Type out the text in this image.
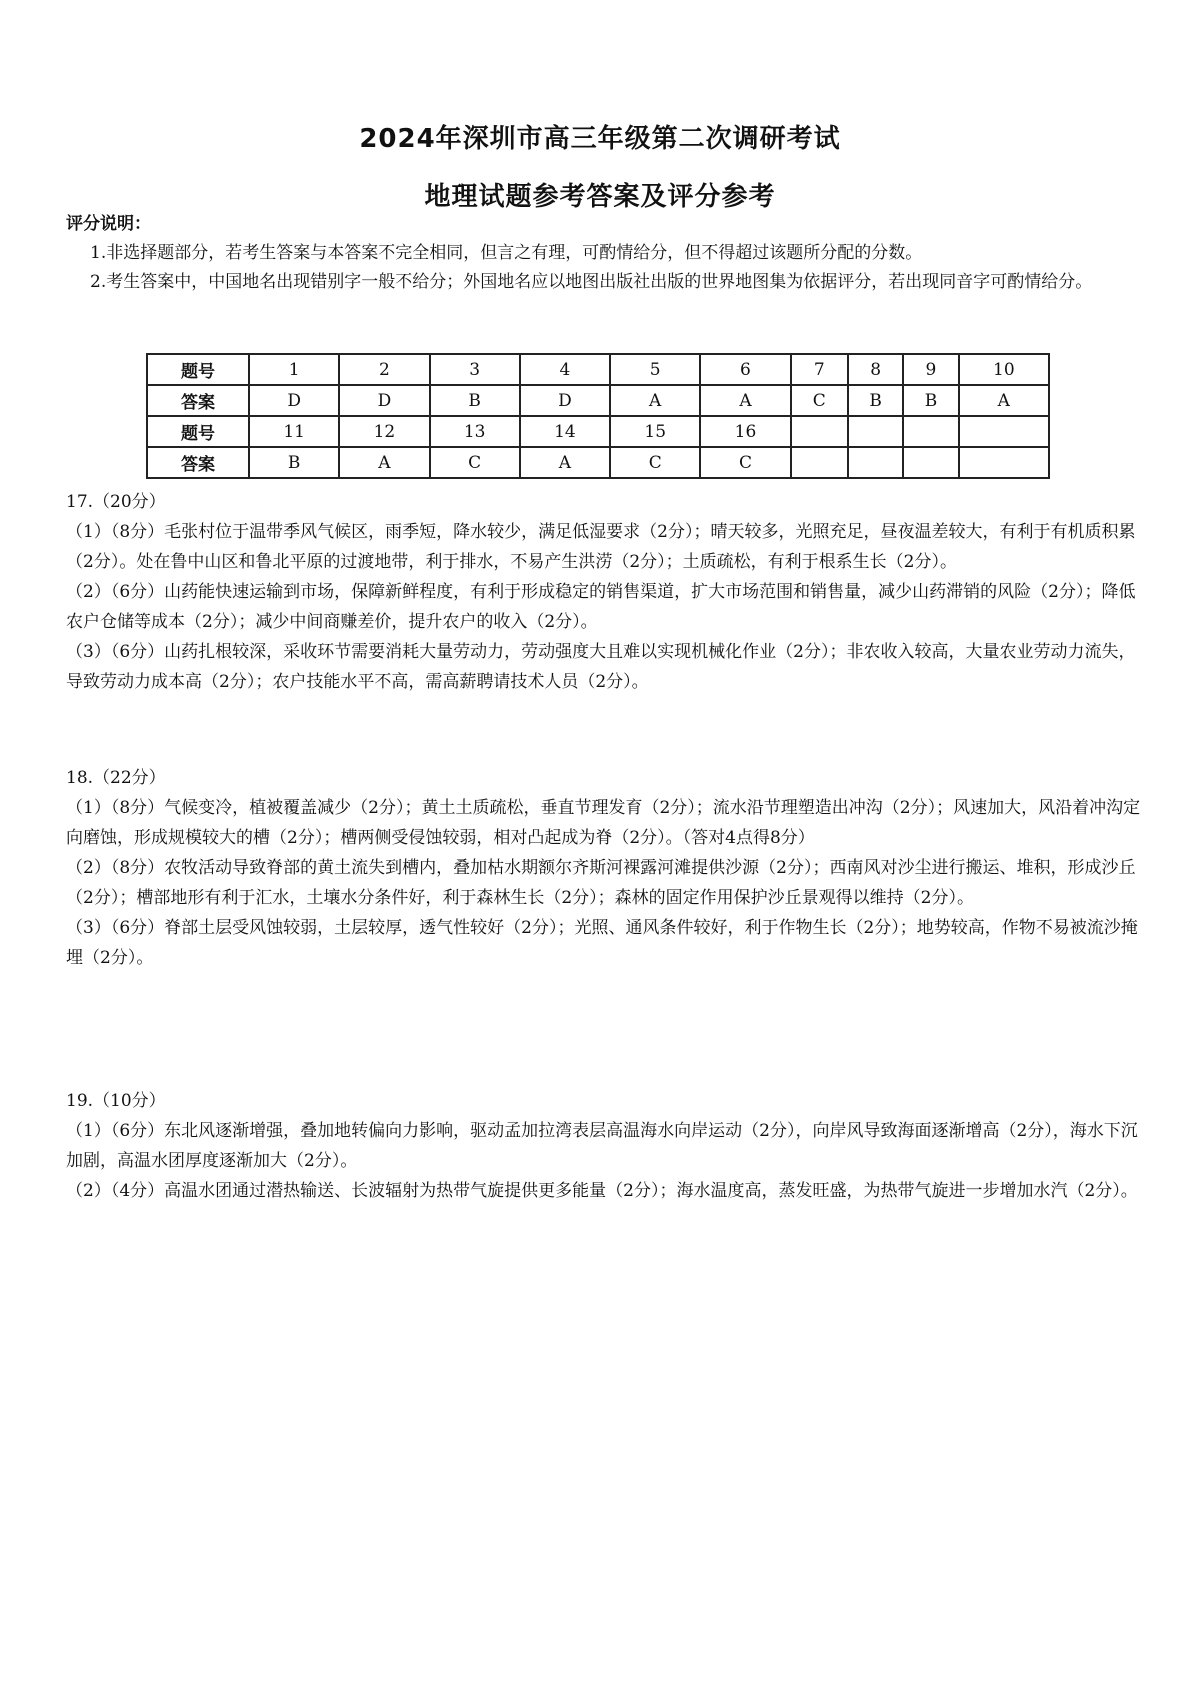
2024年深圳市高三年级第二次调研考试
地理试题参考答案及评分参考
评分说明：
1.非选择题部分，若考生答案与本答案不完全相同，但言之有理，可酌情给分，但不得超过该题所分配的分数。
2.考生答案中，中国地名出现错别字一般不给分；外国地名应以地图出版社出版的世界地图集为依据评分，若出现同音字可酌情给分。
题号	1	2	3	4	5	6	7	8	9	10
答案	D	D	B	D	A	A	C	B	B	A
题号	11	12	13	14	15	16				
答案	B	A	C	A	C	C				

17.（20分）

（1）（8分）毛张村位于温带季风气候区，雨季短，降水较少，满足低湿要求（2分）；晴天较多，光照充足，昼夜温差较大，有利于有机质积累（2分）。处在鲁中山区和鲁北平原的过渡地带，利于排水，不易产生洪涝（2分）；土质疏松，有利于根系生长（2分）。

（2）（6分）山药能快速运输到市场，保障新鲜程度，有利于形成稳定的销售渠道，扩大市场范围和销售量，减少山药滞销的风险（2分）；降低农户仓储等成本（2分）；减少中间商赚差价，提升农户的收入（2分）。

（3）（6分）山药扎根较深，采收环节需要消耗大量劳动力，劳动强度大且难以实现机械化作业（2分）；非农收入较高，大量农业劳动力流失，导致劳动力成本高（2分）；农户技能水平不高，需高薪聘请技术人员（2分）。

18.（22分）

（1）（8分）气候变冷，植被覆盖减少（2分）；黄土土质疏松，垂直节理发育（2分）；流水沿节理塑造出冲沟（2分）；风速加大，风沿着冲沟定向磨蚀，形成规模较大的槽（2分）；槽两侧受侵蚀较弱，相对凸起成为脊（2分）。（答对4点得8分）

（2）（8分）农牧活动导致脊部的黄土流失到槽内，叠加枯水期额尔齐斯河裸露河滩提供沙源（2分）；西南风对沙尘进行搬运、堆积，形成沙丘（2分）；槽部地形有利于汇水，土壤水分条件好，利于森林生长（2分）；森林的固定作用保护沙丘景观得以维持（2分）。

（3）（6分）脊部土层受风蚀较弱，土层较厚，透气性较好（2分）；光照、通风条件较好，利于作物生长（2分）；地势较高，作物不易被流沙掩埋（2分）。

19.（10分）

（1）（6分）东北风逐渐增强，叠加地转偏向力影响，驱动孟加拉湾表层高温海水向岸运动（2分），向岸风导致海面逐渐增高（2分），海水下沉加剧，高温水团厚度逐渐加大（2分）。

（2）（4分）高温水团通过潜热输送、长波辐射为热带气旋提供更多能量（2分）；海水温度高，蒸发旺盛，为热带气旋进一步增加水汽（2分）。
